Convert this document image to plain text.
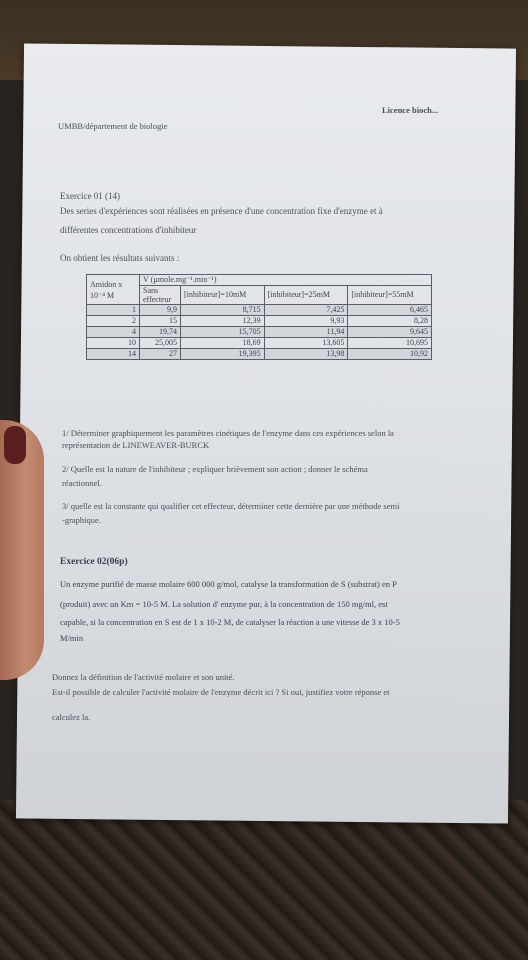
Licence bioch...
UMBB/département de biologie
Exercice 01 (14)
Des series d'expériences sont réalisées en présence d'une concentration fixe d'enzyme et à
différentes concentrations d'inhibiteur
On obtient les résultats suivants :
Amidon x 10⁻⁴ M	V (µmole.mg⁻¹.min⁻¹)			
	Sans effecteur	[inhibiteur]=10mM	[inhibiteur]=25mM	[inhibiteur]=55mM
1	9,9	8,715	7,425	6,465
2	15	12,39	9,93	8,28
4	19,74	15,705	11,94	9,645
10	25,005	18,69	13,605	10,695
14	27	19,395	13,98	10,92
1/ Déterminer graphiquement les paramètres cinétiques de l'enzyme dans ces expériences selon la
représentation de LINEWEAVER-BURCK
2/ Quelle est la nature de l'inhibiteur ; expliquer brièvement son action ; donner le schéma
réactionnel.
3/ quelle est la constante qui qualifier cet effecteur, déterminer cette dernière par une méthode semi
-graphique.
Exercice 02(06p)
Un enzyme purifié de masse molaire 600 000 g/mol, catalyse la transformation de S (substrat) en P
(produit) avec un Km = 10-5 M. La solution d' enzyme pur, à la concentration de 150 mg/ml, est
capable, si la concentration en S est de 1 x 10-2 M, de catalyser la réaction a une vitesse de 3 x 10-5
M/min
Donnez la définition de l'activité molaire et son unité.
Est-il possible de calculer l'activité molaire de l'enzyme décrit ici ? Si oui, justifiez votre réponse et
calculez la.
